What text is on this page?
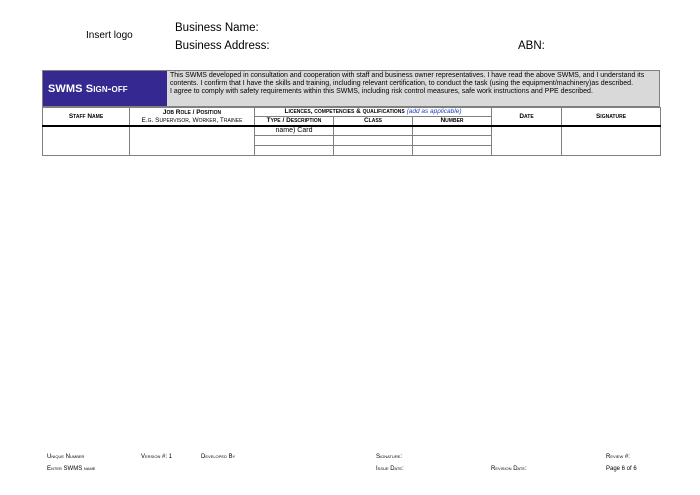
Insert logo
Business Name:
Business Address:	ABN:
SWMS Sign-off
This SWMS developed in consultation and cooperation with staff and business owner representatives. I have read the above SWMS, and I understand its contents. I confirm that I have the skills and training, including relevant certification, to conduct the task (using the equipment/machinery)as described.
I agree to comply with safety requirements within this SWMS, including risk control measures, safe work instructions and PPE described.
Staff Name	Job Role / Position	Licences, competencies & qualifications (add as applicable)			Date	Signature
	E.g. Supervisor, Worker, Trainee	Type / Description	Class	Number		
		name) Card				

Unique Number	Version #: 1	Developed By	Signature:	Review #:
Enter SWMS name	Issue Date:	Revision Date:	Page 6 of 6
